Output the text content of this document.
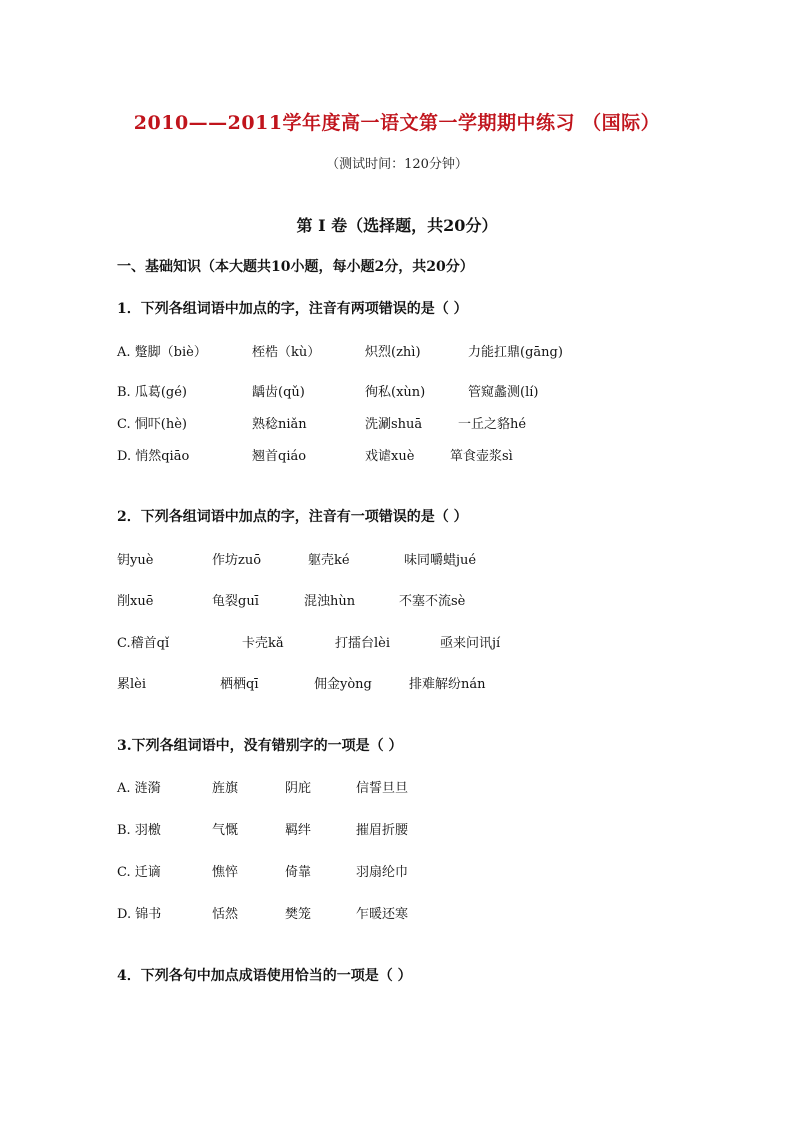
2010——2011学年度高一语文第一学期期中练习 （国际）
（测试时间：120分钟）
第 Ⅰ 卷（选择题，共20分）
一、基础知识（本大题共10小题，每小题2分，共20分）
1．下列各组词语中加点的字，注音有两项错误的是（ ）
A. 蹩脚（biè）	桎梏（kù）	炽烈(zhì)	力能扛鼎(gāng)
B. 瓜葛(gé)	龋齿(qǔ)	徇私(xùn)	管窥蠡测(lí)
C. 恫吓(hè)	熟稔niǎn	洗涮shuā	一丘之貉hé
D. 悄然qiāo	翘首qiáo	戏谑xuè	箪食壶浆sì
2．下列各组词语中加点的字，注音有一项错误的是（ ）
钥yuè	作坊zuō	躯壳ké	味同嚼蜡jué
削xuē	龟裂guī	混浊hùn	不塞不流sè
C.稽首qǐ	卡壳kǎ	打擂台lèi	亟来问讯jí
累lèi	栖栖qī	佣金yòng	排难解纷nán
3.下列各组词语中，没有错别字的一项是（ ）
A. 涟漪	旌旗	阴庇	信誓旦旦
B. 羽檄	气慨	羁绊	摧眉折腰
C. 迁谪	憔悴	倚靠	羽扇纶巾
D. 锦书	恬然	樊笼	乍暖还寒
4．下列各句中加点成语使用恰当的一项是（ ）
